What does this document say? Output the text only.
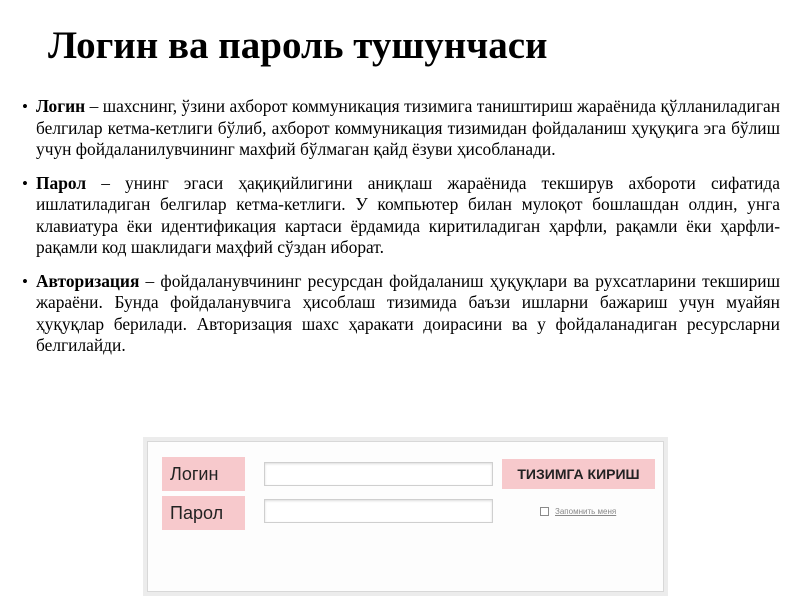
Логин ва пароль тушунчаси
• Логин – шахснинг, ўзини ахборот коммуникация тизимига таништириш жараёнида қўлланиладиган белгилар кетма-кетлиги бўлиб, ахборот коммуникация тизимидан фойдаланиш ҳуқуқига эга бўлиш учун фойдаланилувчининг махфий бўлмаган қайд ёзуви ҳисобланади.
• Парол – унинг эгаси ҳақиқийлигини аниқлаш жараёнида текширув ахбороти сифатида ишлатиладиган белгилар кетма-кетлиги. У компьютер билан мулоқот бошлашдан олдин, унга клавиатура ёки идентификация картаси ёрдамида киритиладиган ҳарфли, рақамли ёки ҳарфли-рақамли код шаклидаги маҳфий сўздан иборат.
• Авторизация – фойдаланувчининг ресурсдан фойдаланиш ҳуқуқлари ва рухсатларини текшириш жараёни. Бунда фойдаланувчига ҳисоблаш тизимида баъзи ишларни бажариш учун муайян ҳуқуқлар берилади. Авторизация шахс ҳаракати доирасини ва у фойдаланадиган ресурсларни белгилайди.
Логин	ТИЗИМГА КИРИШ
Парол	Запомнить меня
